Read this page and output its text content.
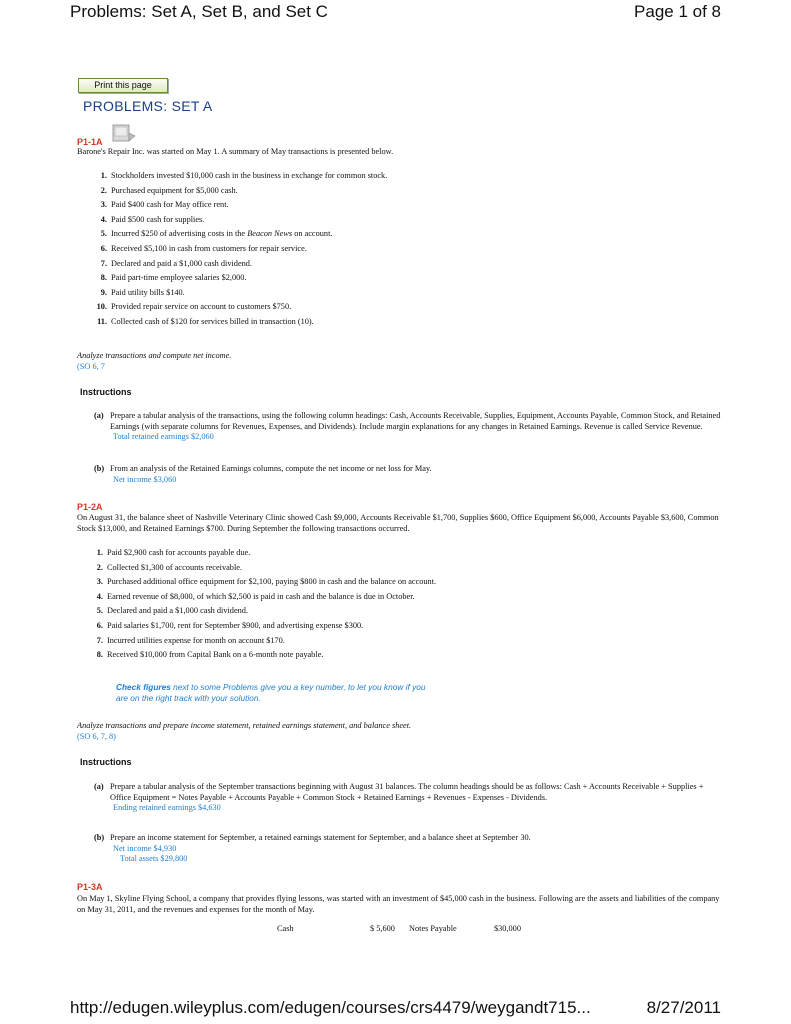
Problems: Set A, Set B, and Set C	Page 1 of 8
Print this page
PROBLEMS: SET A
P1-1A
Barone's Repair Inc. was started on May 1. A summary of May transactions is presented below.
1. Stockholders invested $10,000 cash in the business in exchange for common stock.
2. Purchased equipment for $5,000 cash.
3. Paid $400 cash for May office rent.
4. Paid $500 cash for supplies.
5. Incurred $250 of advertising costs in the Beacon News on account.
6. Received $5,100 in cash from customers for repair service.
7. Declared and paid a $1,000 cash dividend.
8. Paid part-time employee salaries $2,000.
9. Paid utility bills $140.
10. Provided repair service on account to customers $750.
11. Collected cash of $120 for services billed in transaction (10).
Analyze transactions and compute net income.
(SO 6, 7
Instructions
(a) Prepare a tabular analysis of the transactions, using the following column headings: Cash, Accounts Receivable, Supplies, Equipment, Accounts Payable, Common Stock, and Retained Earnings (with separate columns for Revenues, Expenses, and Dividends). Include margin explanations for any changes in Retained Earnings. Revenue is called Service Revenue.
Total retained earnings $2,060
(b) From an analysis of the Retained Earnings columns, compute the net income or net loss for May.
Net income $3,060
P1-2A
On August 31, the balance sheet of Nashville Veterinary Clinic showed Cash $9,000, Accounts Receivable $1,700, Supplies $600, Office Equipment $6,000, Accounts Payable $3,600, Common Stock $13,000, and Retained Earnings $700. During September the following transactions occurred.
1. Paid $2,900 cash for accounts payable due.
2. Collected $1,300 of accounts receivable.
3. Purchased additional office equipment for $2,100, paying $800 in cash and the balance on account.
4. Earned revenue of $8,000, of which $2,500 is paid in cash and the balance is due in October.
5. Declared and paid a $1,000 cash dividend.
6. Paid salaries $1,700, rent for September $900, and advertising expense $300.
7. Incurred utilities expense for month on account $170.
8. Received $10,000 from Capital Bank on a 6-month note payable.
Check figures next to some Problems give you a key number, to let you know if you are on the right track with your solution.
Analyze transactions and prepare income statement, retained earnings statement, and balance sheet.
(SO 6, 7, 8)
Instructions
(a) Prepare a tabular analysis of the September transactions beginning with August 31 balances. The column headings should be as follows: Cash + Accounts Receivable + Supplies + Office Equipment = Notes Payable + Accounts Payable + Common Stock + Retained Earnings + Revenues - Expenses - Dividends.
Ending retained earnings $4,630
(b) Prepare an income statement for September, a retained earnings statement for September, and a balance sheet at September 30.
Net income $4,930
Total assets $29,800
P1-3A
On May 1, Skyline Flying School, a company that provides flying lessons, was started with an investment of $45,000 cash in the business. Following are the assets and liabilities of the company on May 31, 2011, and the revenues and expenses for the month of May.
Cash	$ 5,600 Notes Payable	$30,000
http://edugen.wileyplus.com/edugen/courses/crs4479/weygandt715...	8/27/2011
